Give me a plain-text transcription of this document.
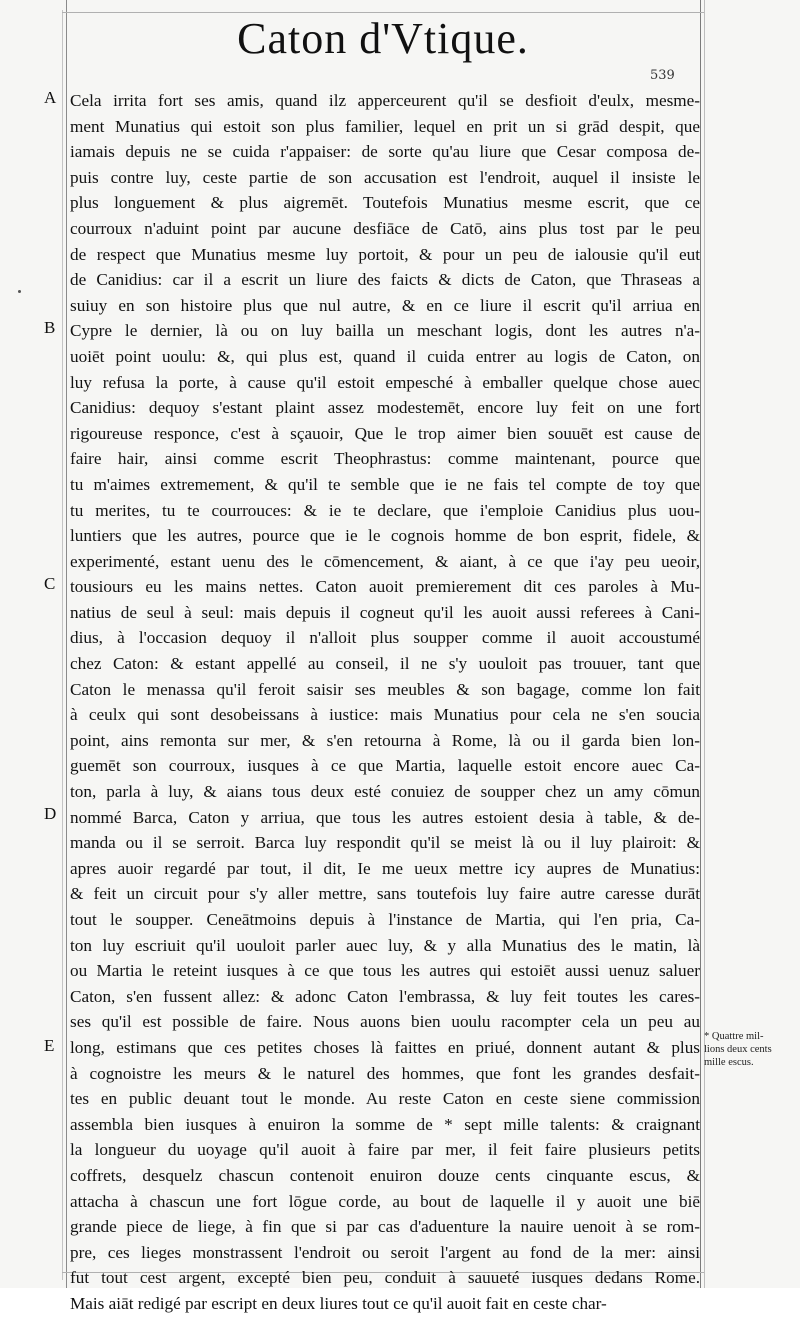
Caton d'Vtique.
539
A
B
C
D
E	* Quattre mil-
lions deux cents
mille escus.
Cela irrita fort ses amis, quand ilz apperceurent qu'il se desfioit d'eulx, mesme-
ment Munatius qui estoit son plus familier, lequel en prit un si grād despit, que
iamais depuis ne se cuida r'appaiser: de sorte qu'au liure que Cesar composa de-
puis contre luy, ceste partie de son accusation est l'endroit, auquel il insiste le
plus longuement & plus aigremēt. Toutefois Munatius mesme escrit, que ce
courroux n'aduint point par aucune desfiāce de Catō, ains plus tost par le peu
de respect que Munatius mesme luy portoit, & pour un peu de ialousie qu'il eut
de Canidius: car il a escrit un liure des faicts & dicts de Caton, que Thraseas a
suiuy en son histoire plus que nul autre, & en ce liure il escrit qu'il arriua en
Cypre le dernier, là ou on luy bailla un meschant logis, dont les autres n'a-
uoiēt point uoulu: &, qui plus est, quand il cuida entrer au logis de Caton, on
luy refusa la porte, à cause qu'il estoit empesché à emballer quelque chose auec
Canidius: dequoy s'estant plaint assez modestemēt, encore luy feit on une fort
rigoureuse responce, c'est à sçauoir, Que le trop aimer bien souuēt est cause de
faire hair, ainsi comme escrit Theophrastus: comme maintenant, pource que
tu m'aimes extremement, & qu'il te semble que ie ne fais tel compte de toy que
tu merites, tu te courrouces: & ie te declare, que i'emploie Canidius plus uou-
luntiers que les autres, pource que ie le cognois homme de bon esprit, fidele, &
experimenté, estant uenu des le cōmencement, & aiant, à ce que i'ay peu ueoir,
tousiours eu les mains nettes. Caton auoit premierement dit ces paroles à Mu-
natius de seul à seul: mais depuis il cogneut qu'il les auoit aussi referees à Cani-
dius, à l'occasion dequoy il n'alloit plus soupper comme il auoit accoustumé
chez Caton: & estant appellé au conseil, il ne s'y uouloit pas trouuer, tant que
Caton le menassa qu'il feroit saisir ses meubles & son bagage, comme lon fait
à ceulx qui sont desobeissans à iustice: mais Munatius pour cela ne s'en soucia
point, ains remonta sur mer, & s'en retourna à Rome, là ou il garda bien lon-
guemēt son courroux, iusques à ce que Martia, laquelle estoit encore auec Ca-
ton, parla à luy, & aians tous deux esté conuiez de soupper chez un amy cōmun
nommé Barca, Caton y arriua, que tous les autres estoient desia à table, & de-
manda ou il se serroit. Barca luy respondit qu'il se meist là ou il luy plairoit: &
apres auoir regardé par tout, il dit, Ie me ueux mettre icy aupres de Munatius:
& feit un circuit pour s'y aller mettre, sans toutefois luy faire autre caresse durāt
tout le soupper. Ceneātmoins depuis à l'instance de Martia, qui l'en pria, Ca-
ton luy escriuit qu'il uouloit parler auec luy, & y alla Munatius des le matin, là
ou Martia le reteint iusques à ce que tous les autres qui estoiēt aussi uenuz saluer
Caton, s'en fussent allez: & adonc Caton l'embrassa, & luy feit toutes les cares-
ses qu'il est possible de faire. Nous auons bien uoulu racompter cela un peu au
long, estimans que ces petites choses là faittes en priué, donnent autant & plus
à cognoistre les meurs & le naturel des hommes, que font les grandes desfait-
tes en public deuant tout le monde. Au reste Caton en ceste siene commission
assembla bien iusques à enuiron la somme de * sept mille talents: & craignant
la longueur du uoyage qu'il auoit à faire par mer, il feit faire plusieurs petits
coffrets, desquelz chascun contenoit enuiron douze cents cinquante escus, &
attacha à chascun une fort lōgue corde, au bout de laquelle il y auoit une biē
grande piece de liege, à fin que si par cas d'aduenture la nauire uenoit à se rom-
pre, ces lieges monstrassent l'endroit ou seroit l'argent au fond de la mer: ainsi
fut tout cest argent, excepté bien peu, conduit à sauueté iusques dedans Rome.
Mais aiāt redigé par escript en deux liures tout ce qu'il auoit fait en ceste char-
